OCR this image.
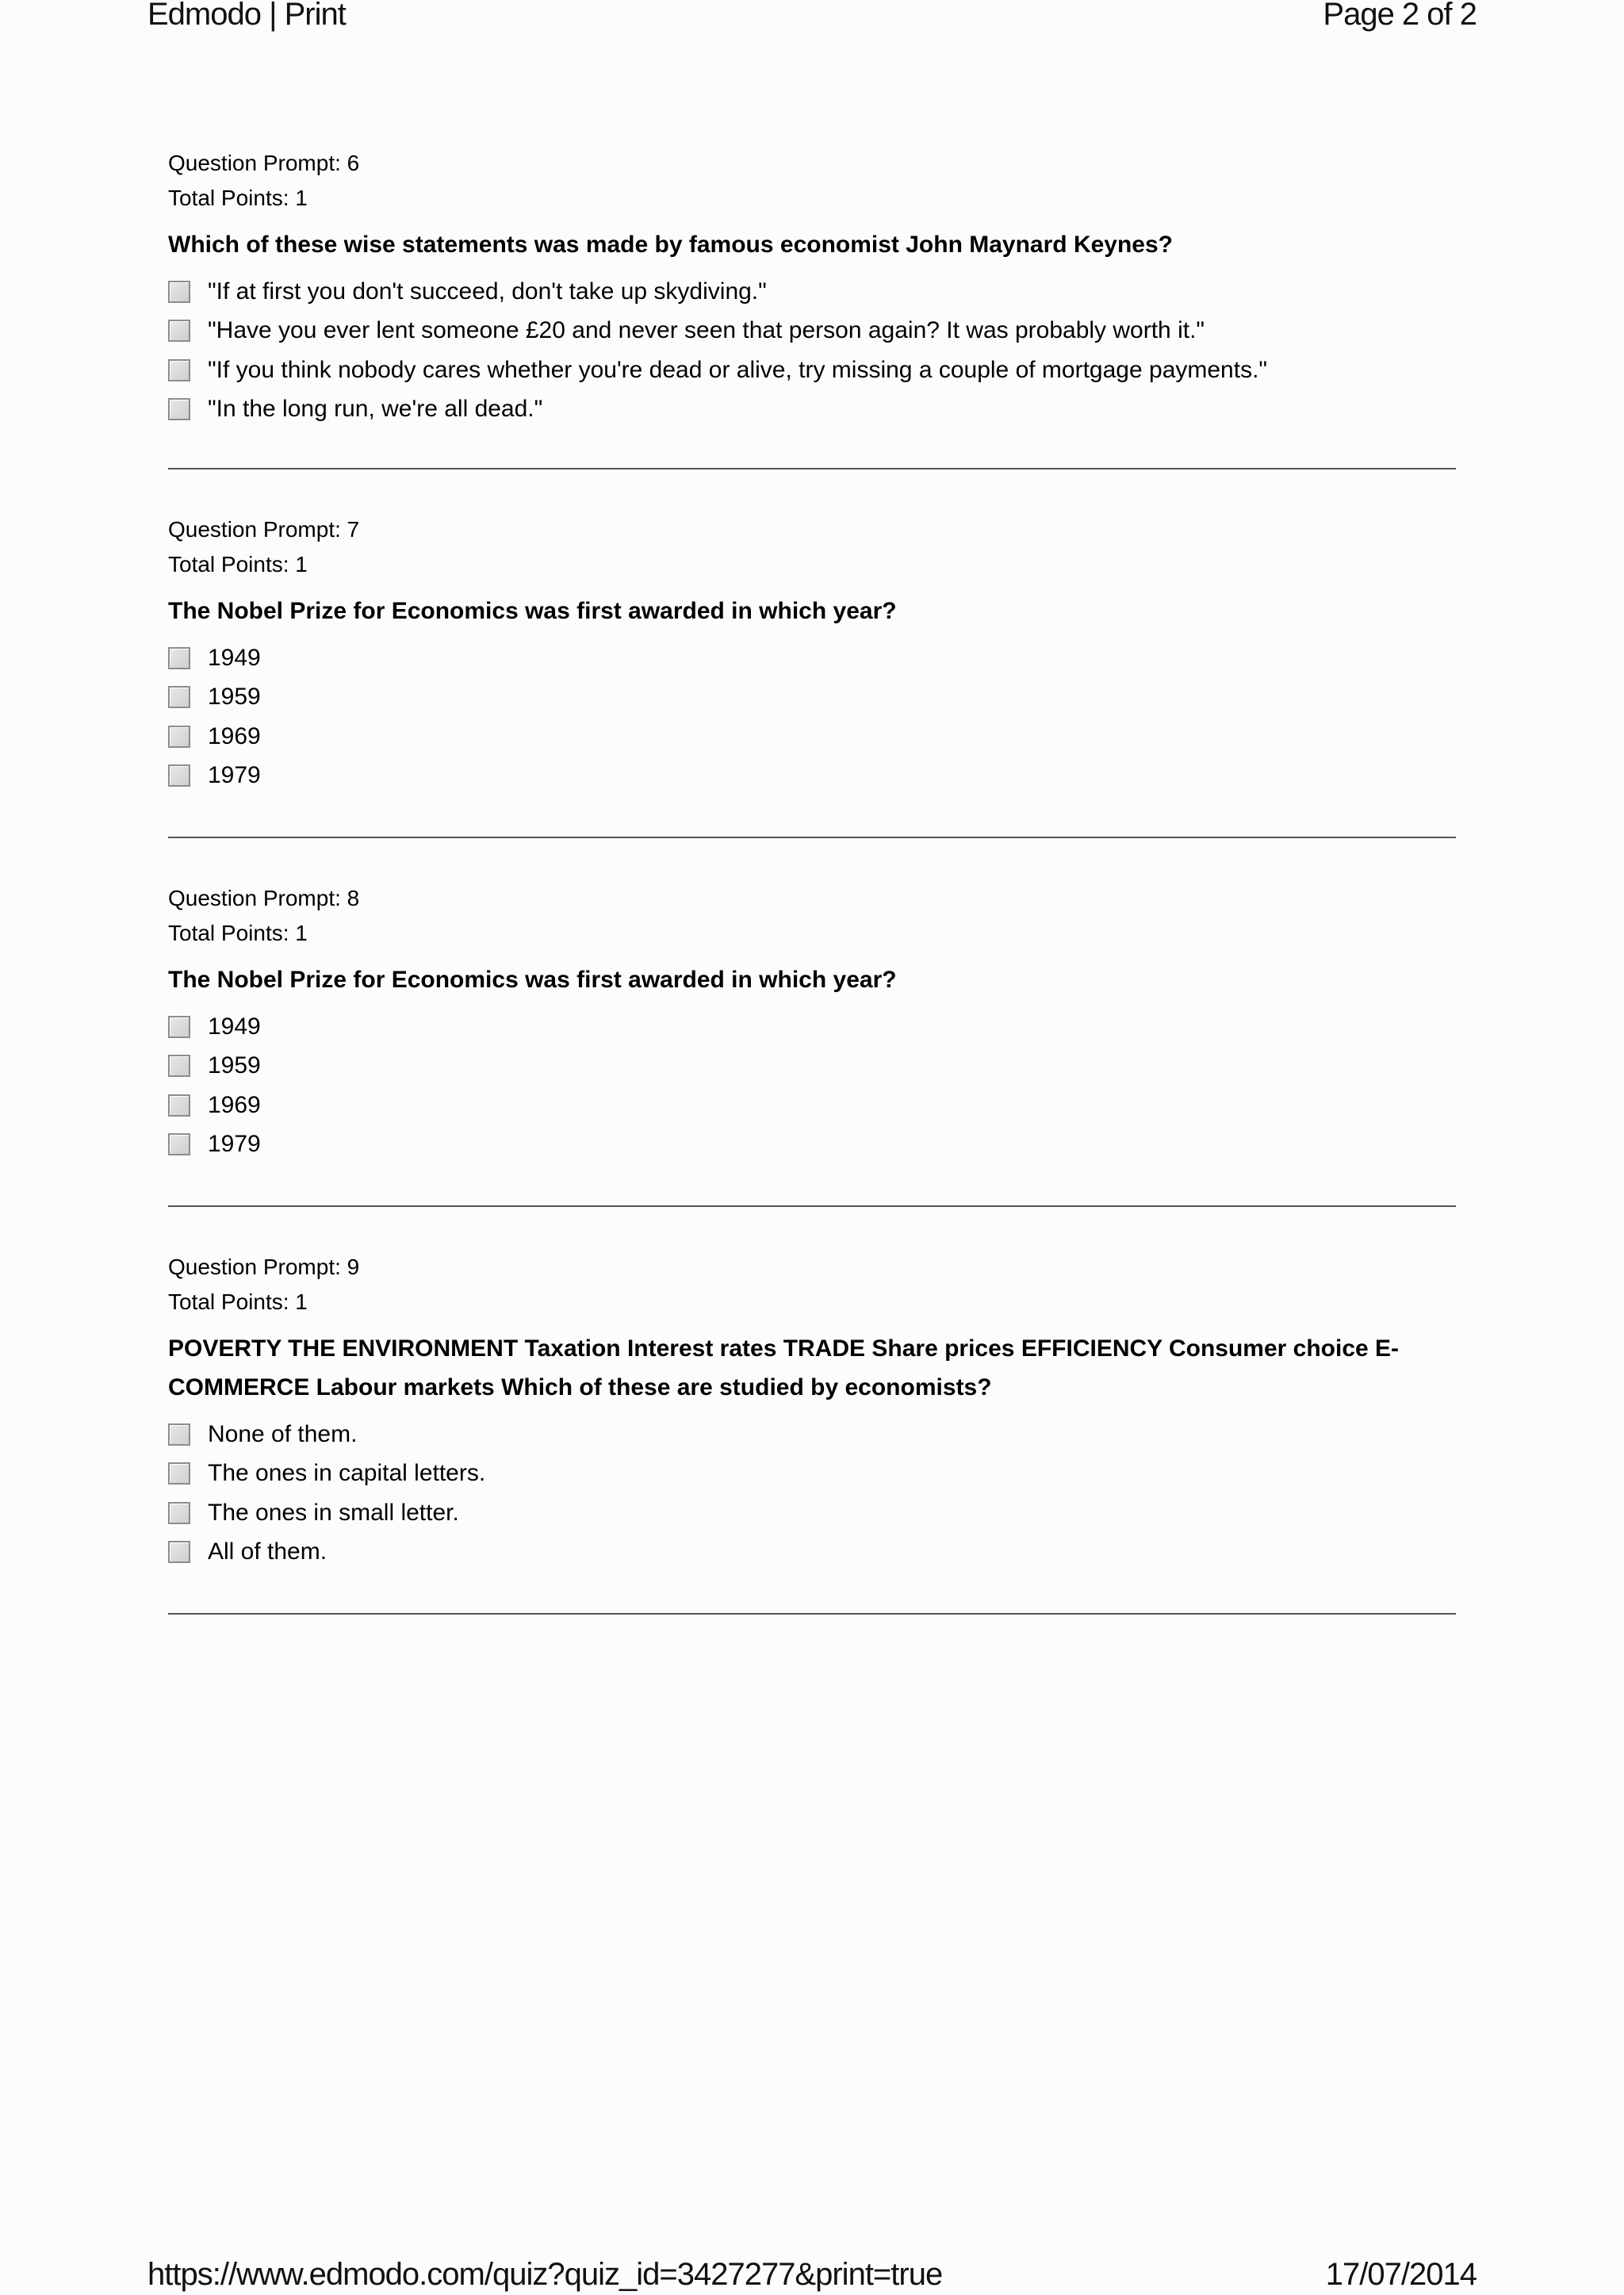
Edmodo | Print	Page 2 of 2
Question Prompt: 6
Total Points: 1
Which of these wise statements was made by famous economist John Maynard Keynes?
"If at first you don't succeed, don't take up skydiving."
"Have you ever lent someone £20 and never seen that person again? It was probably worth it."
"If you think nobody cares whether you're dead or alive, try missing a couple of mortgage payments."
"In the long run, we're all dead."
Question Prompt: 7
Total Points: 1
The Nobel Prize for Economics was first awarded in which year?
1949
1959
1969
1979
Question Prompt: 8
Total Points: 1
The Nobel Prize for Economics was first awarded in which year?
1949
1959
1969
1979
Question Prompt: 9
Total Points: 1
POVERTY THE ENVIRONMENT Taxation Interest rates TRADE Share prices EFFICIENCY Consumer choice E-COMMERCE Labour markets Which of these are studied by economists?
None of them.
The ones in capital letters.
The ones in small letter.
All of them.
https://www.edmodo.com/quiz?quiz_id=3427277&print=true	17/07/2014
